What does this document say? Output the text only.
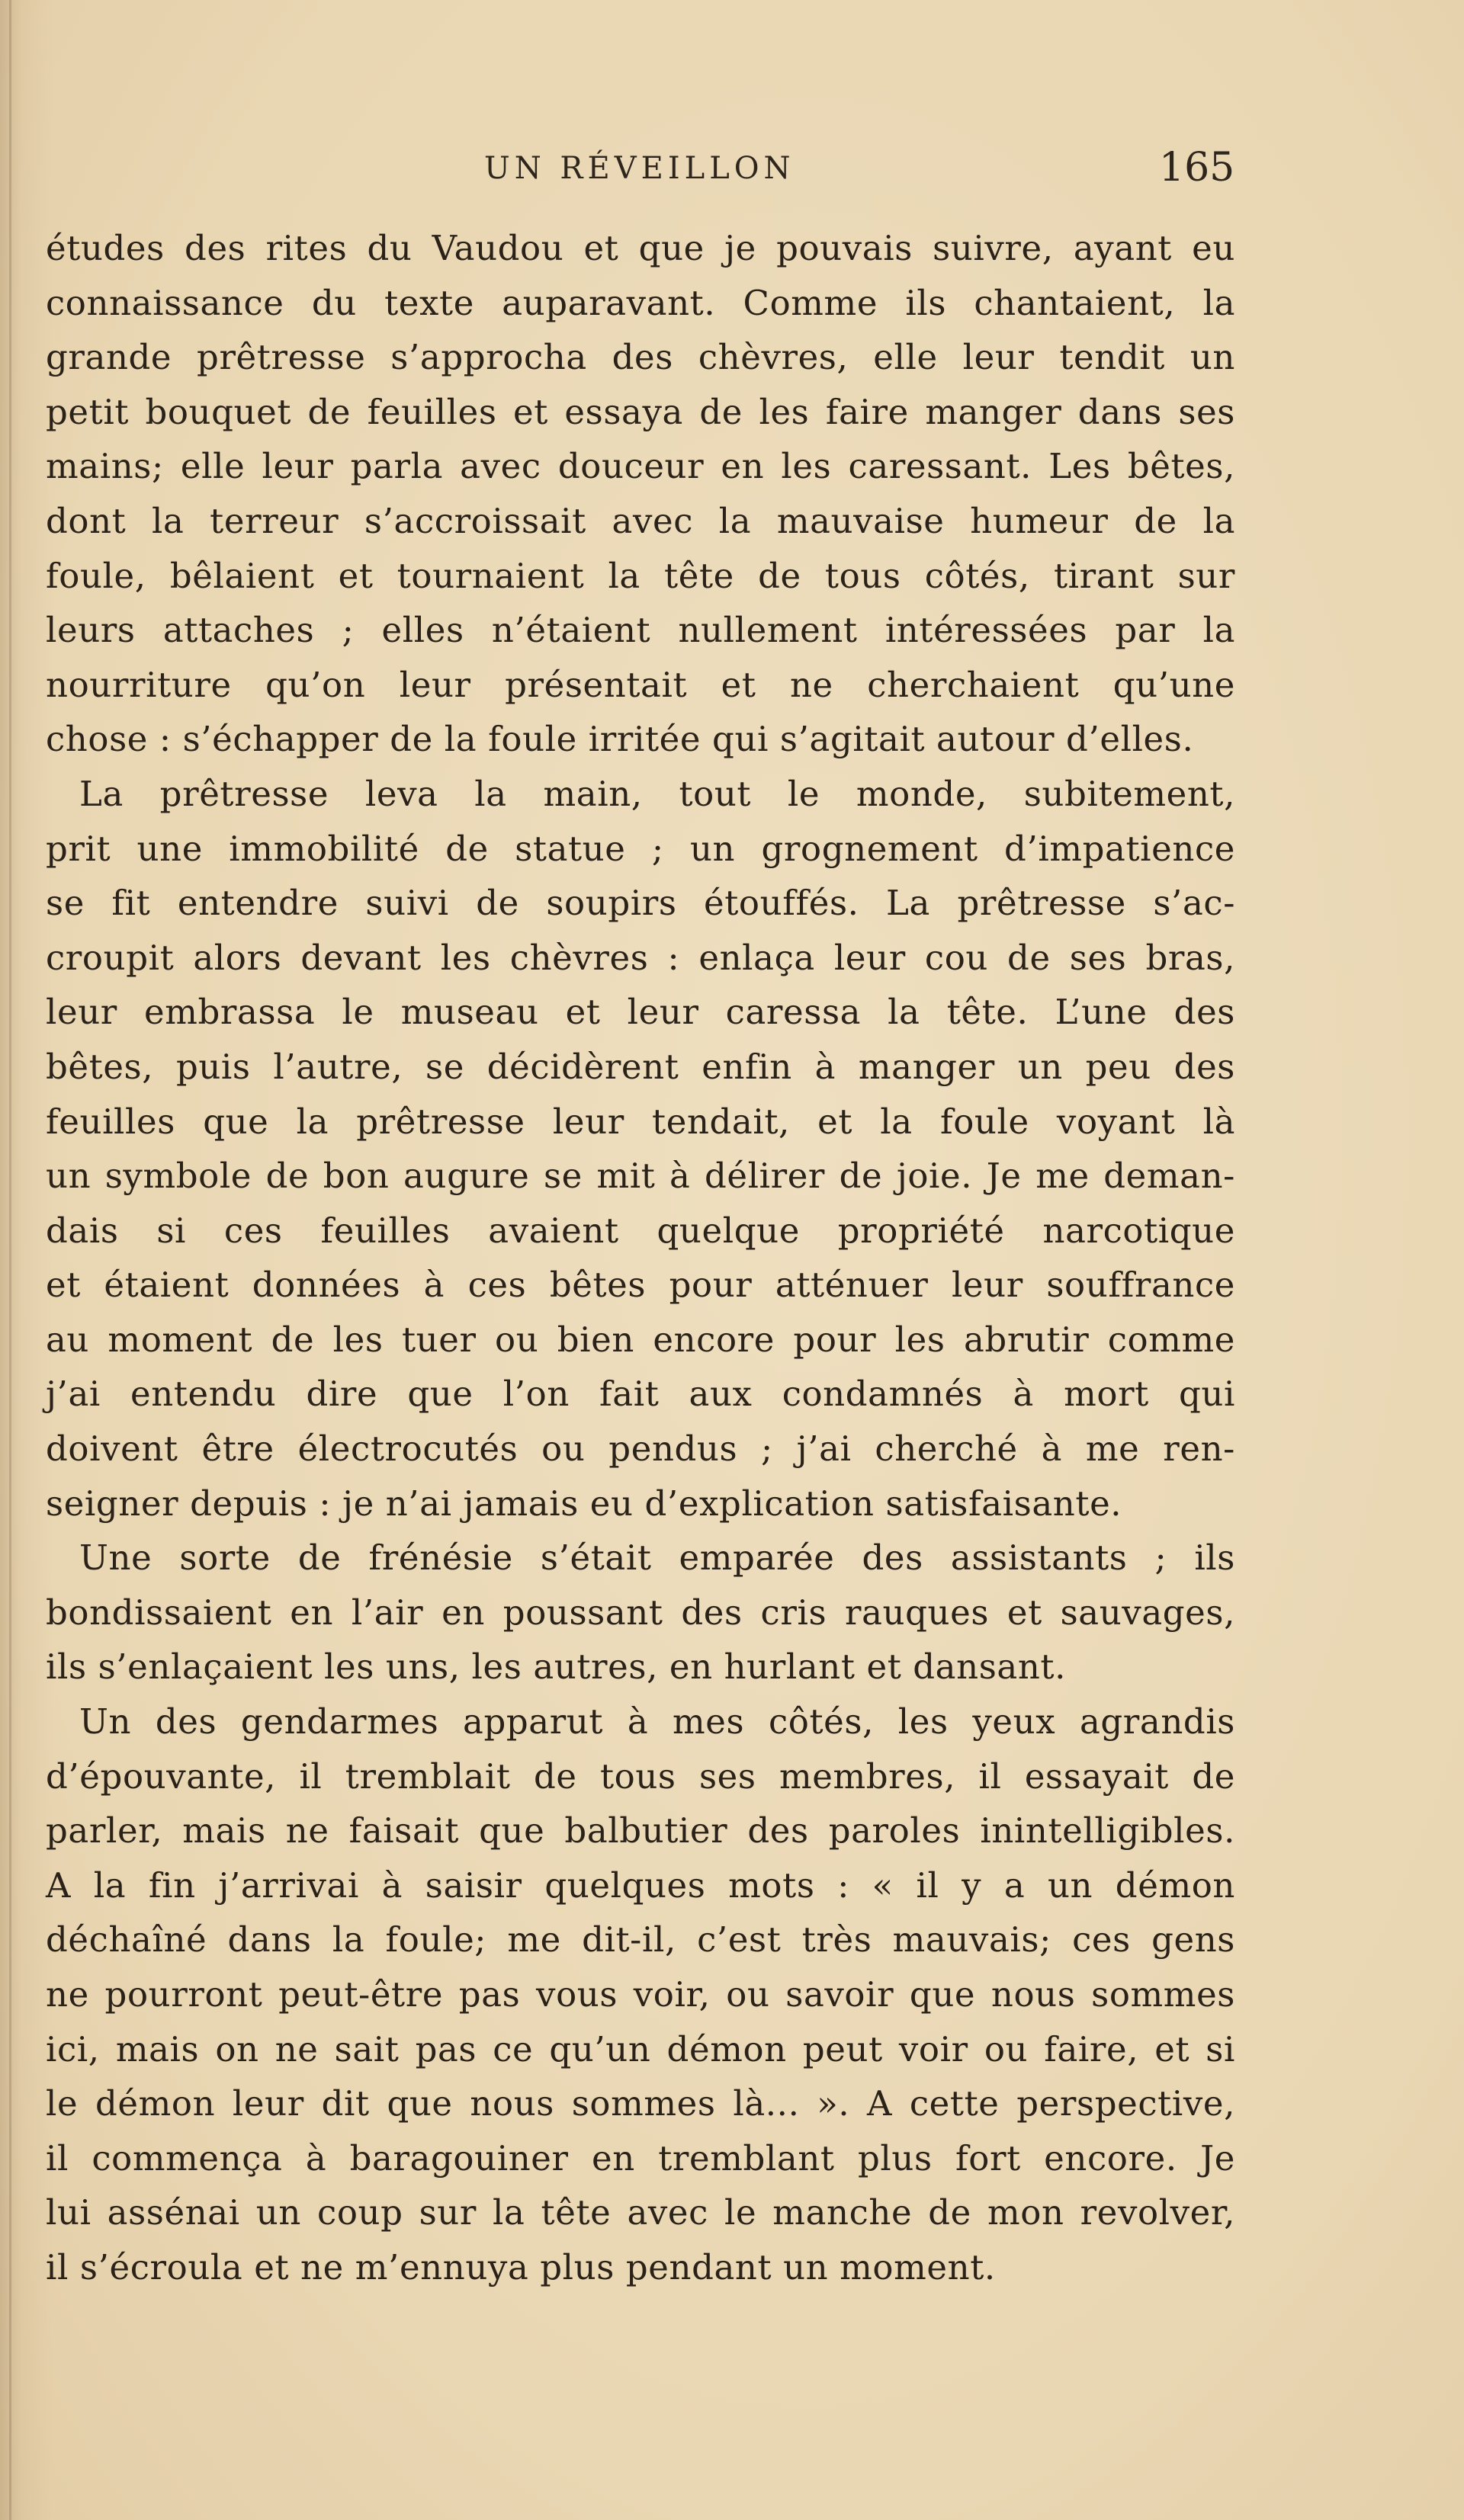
UN RÉVEILLON	165
études des rites du Vaudou et que je pouvais suivre, ayant eu
connaissance du texte auparavant. Comme ils chantaient, la
grande prêtresse s’approcha des chèvres, elle leur tendit un
petit bouquet de feuilles et essaya de les faire manger dans ses
mains; elle leur parla avec douceur en les caressant. Les bêtes,
dont la terreur s’accroissait avec la mauvaise humeur de la
foule, bêlaient et tournaient la tête de tous côtés, tirant sur
leurs attaches ; elles n’étaient nullement intéressées par la
nourriture qu’on leur présentait et ne cherchaient qu’une
chose : s’échapper de la foule irritée qui s’agitait autour d’elles.
La prêtresse leva la main, tout le monde, subitement,
prit une immobilité de statue ; un grognement d’impatience
se fit entendre suivi de soupirs étouffés. La prêtresse s’ac-
croupit alors devant les chèvres : enlaça leur cou de ses bras,
leur embrassa le museau et leur caressa la tête. L’une des
bêtes, puis l’autre, se décidèrent enfin à manger un peu des
feuilles que la prêtresse leur tendait, et la foule voyant là
un symbole de bon augure se mit à délirer de joie. Je me deman-
dais si ces feuilles avaient quelque propriété narcotique
et étaient données à ces bêtes pour atténuer leur souffrance
au moment de les tuer ou bien encore pour les abrutir comme
j’ai entendu dire que l’on fait aux condamnés à mort qui
doivent être électrocutés ou pendus ; j’ai cherché à me ren-
seigner depuis : je n’ai jamais eu d’explication satisfaisante.
Une sorte de frénésie s’était emparée des assistants ; ils
bondissaient en l’air en poussant des cris rauques et sauvages,
ils s’enlaçaient les uns, les autres, en hurlant et dansant.
Un des gendarmes apparut à mes côtés, les yeux agrandis
d’épouvante, il tremblait de tous ses membres, il essayait de
parler, mais ne faisait que balbutier des paroles inintelligibles.
A la fin j’arrivai à saisir quelques mots : « il y a un démon
déchaîné dans la foule; me dit-il, c’est très mauvais; ces gens
ne pourront peut-être pas vous voir, ou savoir que nous sommes
ici, mais on ne sait pas ce qu’un démon peut voir ou faire, et si
le démon leur dit que nous sommes là... ». A cette perspective,
il commença à baragouiner en tremblant plus fort encore. Je
lui assénai un coup sur la tête avec le manche de mon revolver,
il s’écroula et ne m’ennuya plus pendant un moment.
